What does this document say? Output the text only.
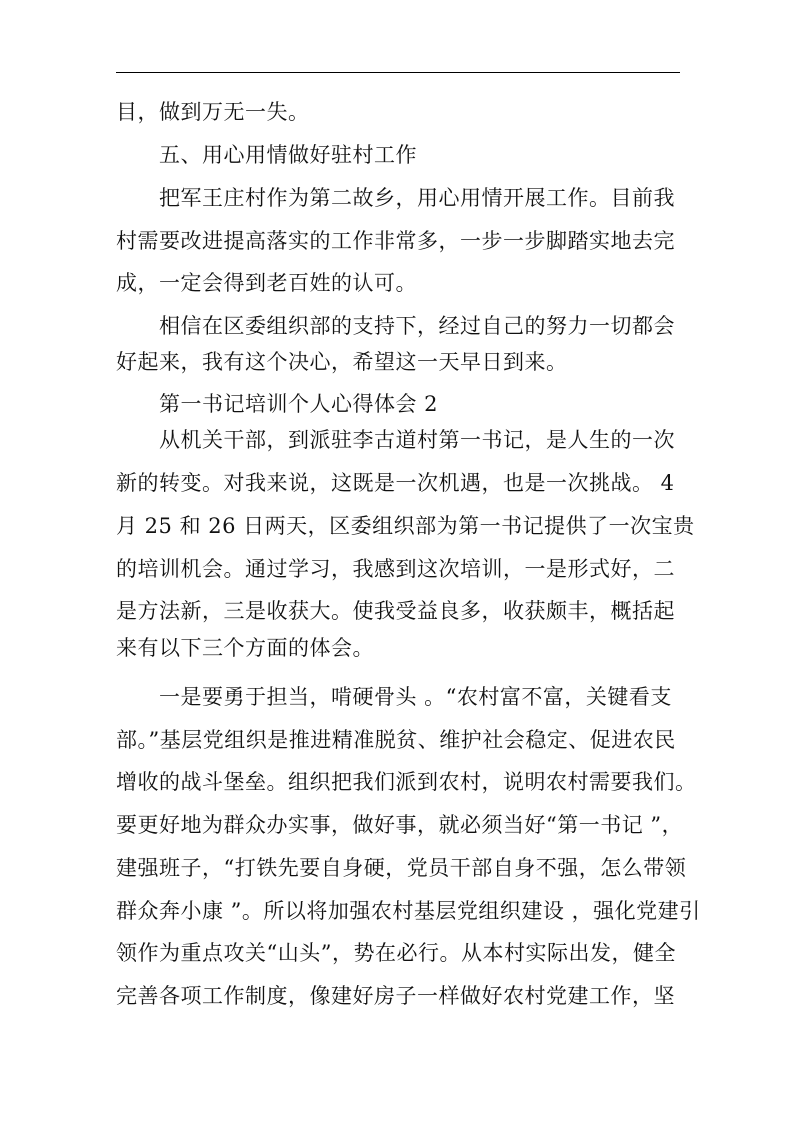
目，做到万无一失。
五、用心用情做好驻村工作
把军王庄村作为第二故乡，用心用情开展工作。目前我
村需要改进提高落实的工作非常多，一步一步脚踏实地去完
成，一定会得到老百姓的认可。
相信在区委组织部的支持下，经过自己的努力一切都会
好起来，我有这个决心，希望这一天早日到来。
第一书记培训个人心得体会 2
从机关干部，到派驻李古道村第一书记，是人生的一次
新的转变。对我来说，这既是一次机遇，也是一次挑战。 4
月 25 和 26 日两天，区委组织部为第一书记提供了一次宝贵
的培训机会。通过学习，我感到这次培训，一是形式好，二
是方法新，三是收获大。使我受益良多，收获颇丰，概括起
来有以下三个方面的体会。
一是要勇于担当，啃硬骨头 。“农村富不富，关键看支
部。”基层党组织是推进精准脱贫、维护社会稳定、促进农民
增收的战斗堡垒。组织把我们派到农村，说明农村需要我们。
要更好地为群众办实事，做好事，就必须当好“第一书记 ”，
建强班子，“打铁先要自身硬，党员干部自身不强，怎么带领
群众奔小康 ”。所以将加强农村基层党组织建设 ，强化党建引
领作为重点攻关“山头”，势在必行。从本村实际出发，健全
完善各项工作制度，像建好房子一样做好农村党建工作，坚
